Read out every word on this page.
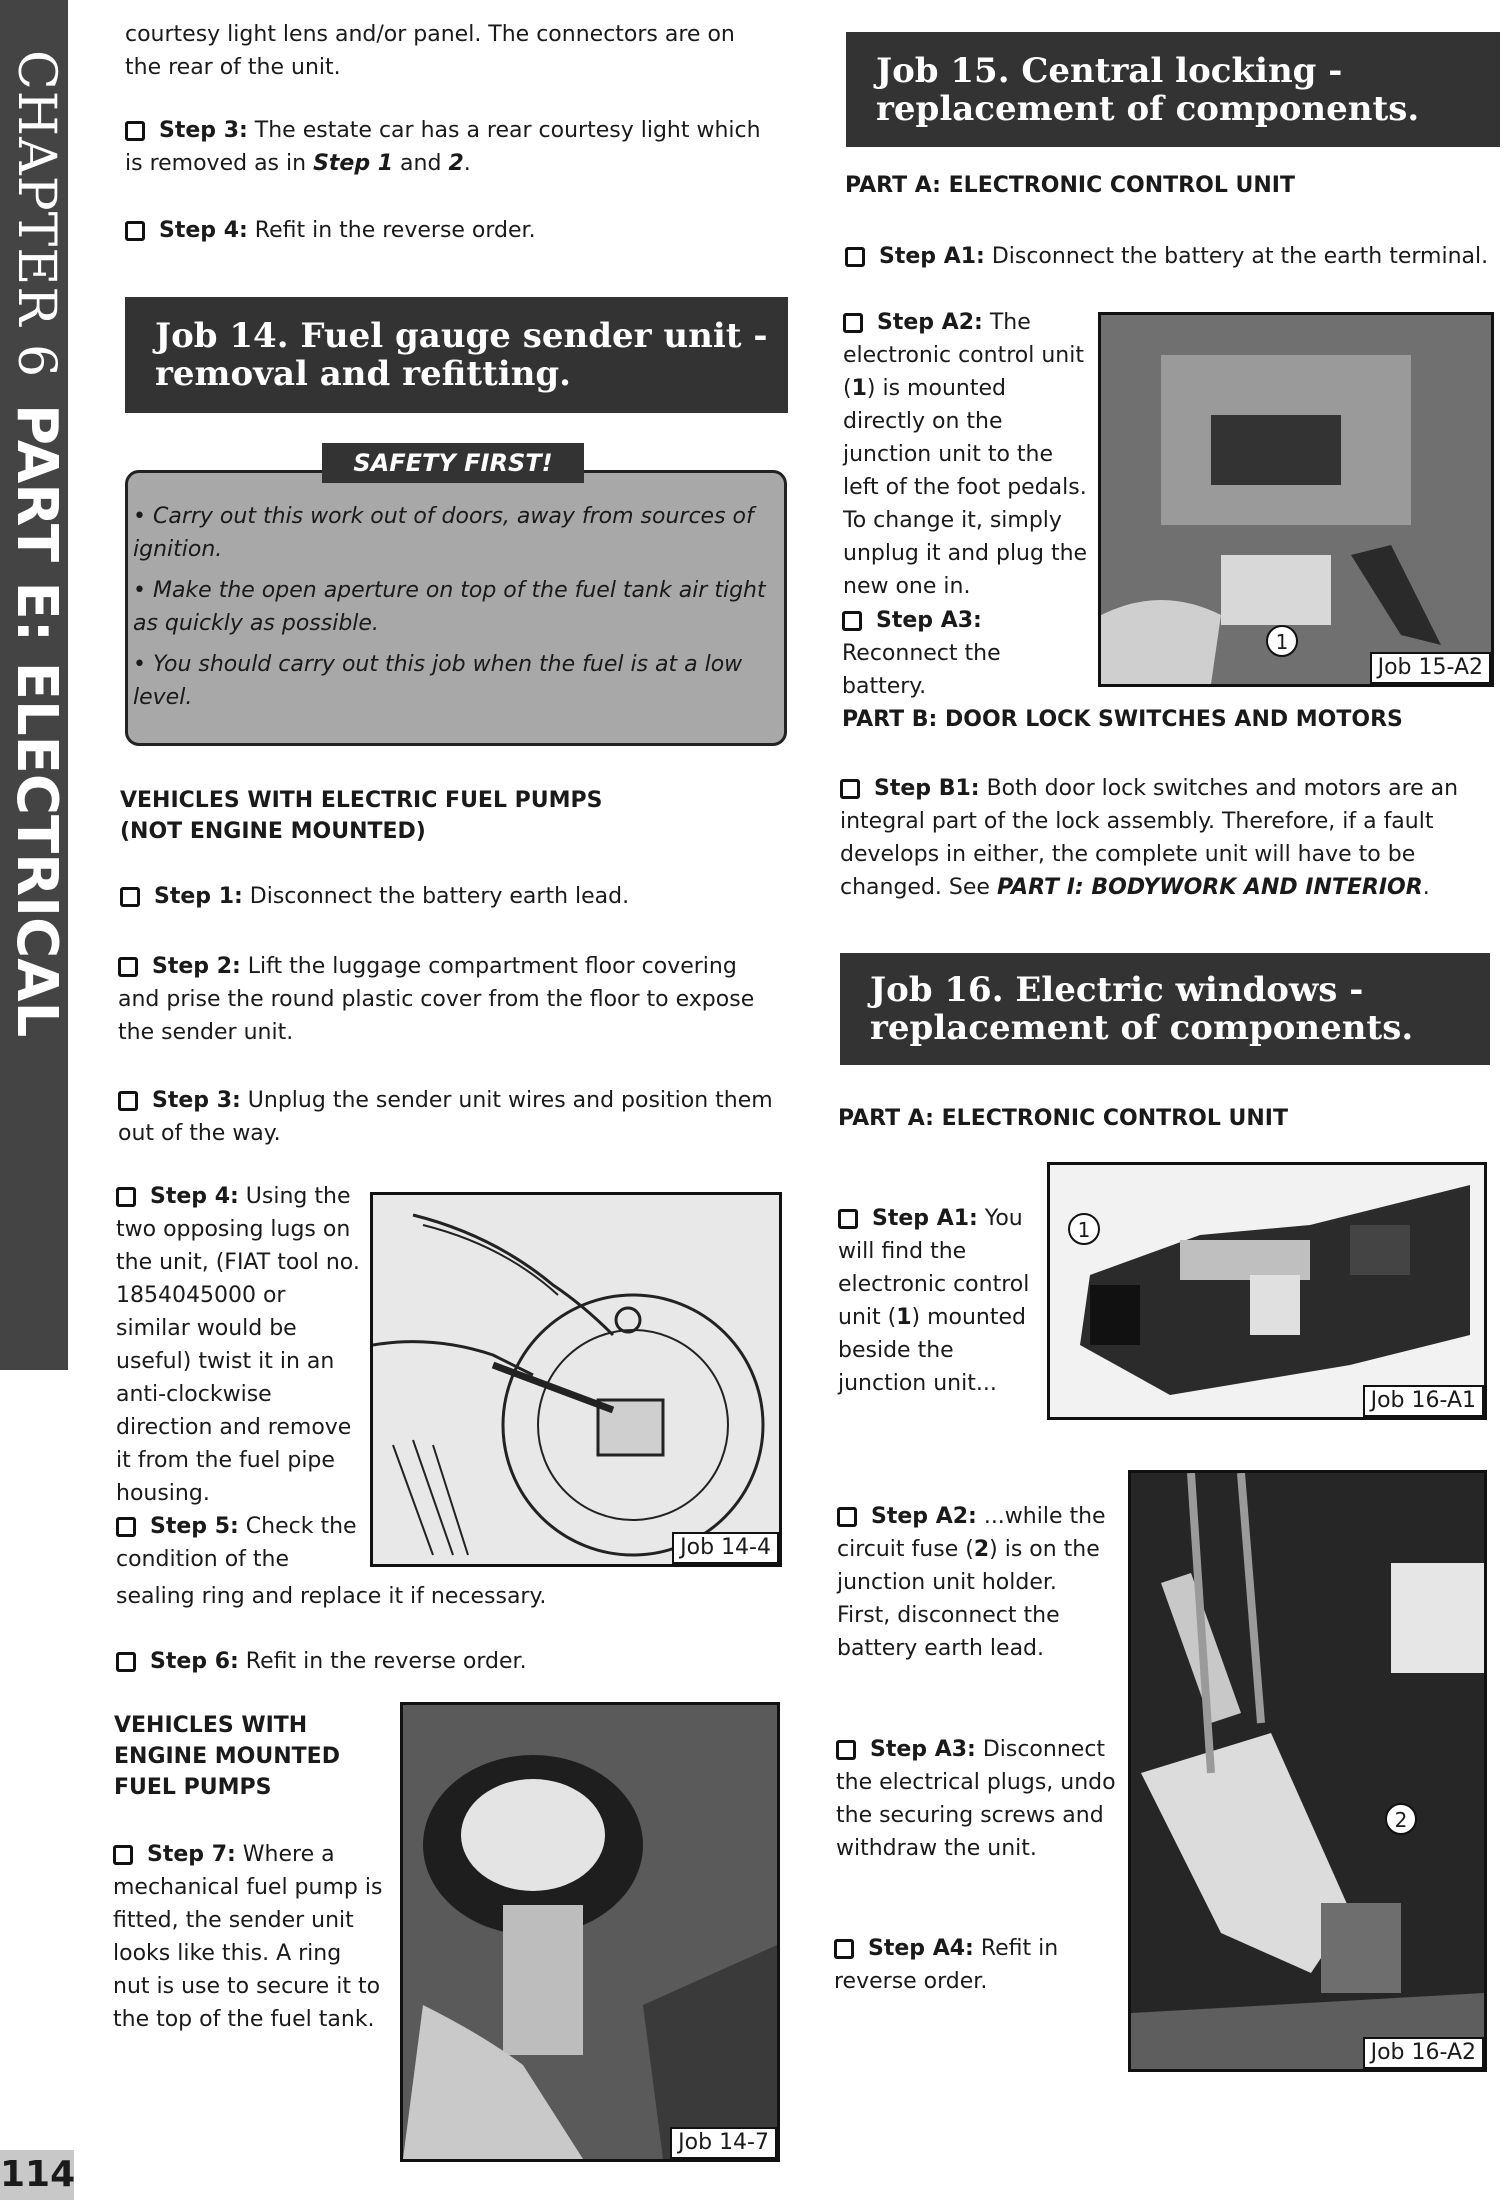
CHAPTER 6PART E: ELECTRICAL
114
courtesy light lens and/or panel. The connectors are on the rear of the unit.
Step 3: The estate car has a rear courtesy light which is removed as in Step 1 and 2.
Step 4: Refit in the reverse order.
Job 14. Fuel gauge sender unit -
removal and refitting.
SAFETY FIRST!
• Carry out this work out of doors, away from sources of ignition.
• Make the open aperture on top of the fuel tank air tight as quickly as possible.
• You should carry out this job when the fuel is at a low level.
VEHICLES WITH ELECTRIC FUEL PUMPS
(NOT ENGINE MOUNTED)
Step 1: Disconnect the battery earth lead.
Step 2: Lift the luggage compartment floor covering and prise the round plastic cover from the floor to expose the sender unit.
Step 3: Unplug the sender unit wires and position them out of the way.
Step 4: Using the two opposing lugs on the unit, (FIAT tool no. 1854045000 or similar would be useful) twist it in an anti-clockwise direction and remove it from the fuel pipe housing.
Job 14-4
Step 5: Check the condition of the
sealing ring and replace it if necessary.
Step 6: Refit in the reverse order.
VEHICLES WITH
ENGINE MOUNTED
FUEL PUMPS
Step 7: Where a mechanical fuel pump is fitted, the sender unit looks like this. A ring nut is use to secure it to the top of the fuel tank.
Job 14-7
Job 15. Central locking -
replacement of components.
PART A: ELECTRONIC CONTROL UNIT
Step A1: Disconnect the battery at the earth terminal.
Step A2: The electronic control unit (1) is mounted directly on the junction unit to the left of the foot pedals. To change it, simply unplug it and plug the new one in.
Step A3:
Reconnect the battery.
1
Job 15-A2
PART B: DOOR LOCK SWITCHES AND MOTORS
Step B1: Both door lock switches and motors are an integral part of the lock assembly. Therefore, if a fault develops in either, the complete unit will have to be changed. See PART I: BODYWORK AND INTERIOR.
Job 16. Electric windows -
replacement of components.
PART A: ELECTRONIC CONTROL UNIT
Step A1: You will find the electronic control unit (1) mounted beside the junction unit...
1
Job 16-A1
Step A2: ...while the circuit fuse (2) is on the junction unit holder. First, disconnect the battery earth lead.
Step A3: Disconnect the electrical plugs, undo the securing screws and withdraw the unit.
Step A4: Refit in reverse order.
2
Job 16-A2
